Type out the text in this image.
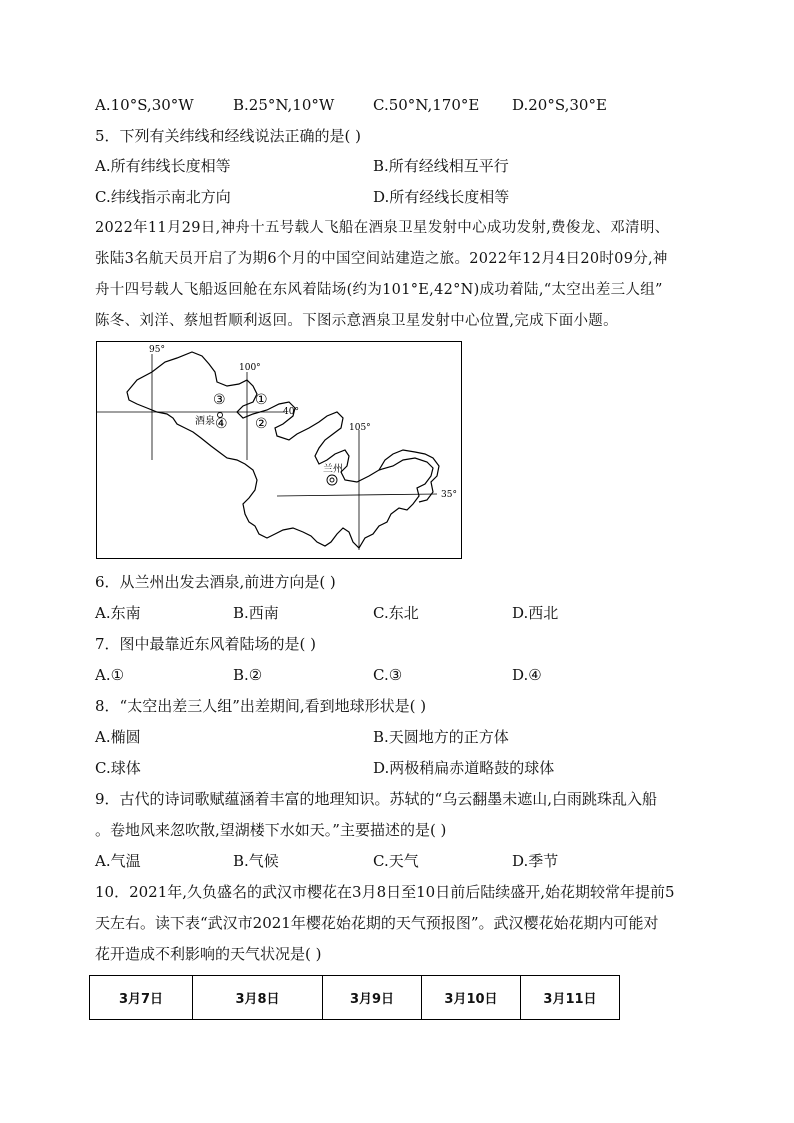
A.10°S,30°W	B.25°N,10°W	C.50°N,170°E D.20°S,30°E
5．下列有关纬线和经线说法正确的是( )
A.所有纬线长度相等	B.所有经线相互平行
C.纬线指示南北方向	D.所有经线长度相等
2022年11月29日,神舟十五号载人飞船在酒泉卫星发射中心成功发射,费俊龙、邓清明、
张陆3名航天员开启了为期6个月的中国空间站建造之旅。2022年12月4日20时09分,神
舟十四号载人飞船返回舱在东风着陆场(约为101°E,42°N)成功着陆,“太空出差三人组”
陈冬、刘洋、蔡旭哲顺利返回。下图示意酒泉卫星发射中心位置,完成下面小题。
95°
100°
105°
40°
35°
①
②
③
④
酒泉
兰州
6．从兰州出发去酒泉,前进方向是( )
A.东南	B.西南	C.东北	D.西北
7．图中最靠近东风着陆场的是( )
A.①	B.②	C.③	D.④
8．“太空出差三人组”出差期间,看到地球形状是( )
A.椭圆	B.天圆地方的正方体
C.球体	D.两极稍扁赤道略鼓的球体
9．古代的诗词歌赋蕴涵着丰富的地理知识。苏轼的“乌云翻墨未遮山,白雨跳珠乱入船
。卷地风来忽吹散,望湖楼下水如天。”主要描述的是( )
A.气温	B.气候	C.天气	D.季节
10．2021年,久负盛名的武汉市樱花在3月8日至10日前后陆续盛开,始花期较常年提前5
天左右。读下表“武汉市2021年樱花始花期的天气预报图”。武汉樱花始花期内可能对
花开造成不利影响的天气状况是( )
3月7日	3月8日	3月9日	3月10日	3月11日
